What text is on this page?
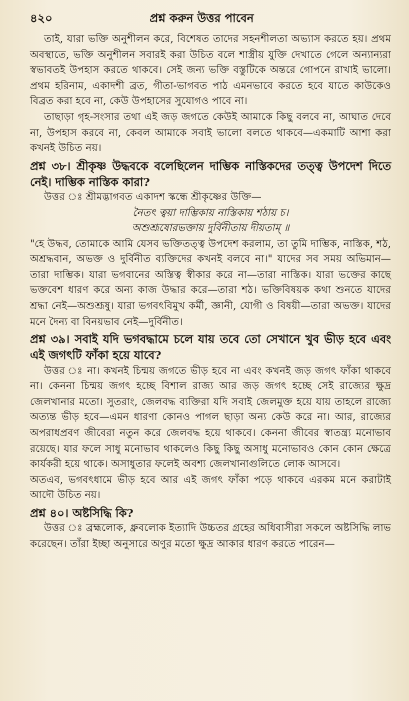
৪২০	প্রশ্ন করুন উত্তর পাবেন

তাই, যারা ভক্তি অনুশীলন করে, বিশেষত তাদের সহনশীলতা অভ্যাস করতে হয়। প্রথম অবস্থাতে, ভক্তি অনুশীলন সবারই করা উচিত বলে শাস্ত্রীয় যুক্তি দেখাতে গেলে অন্যান্যরা স্বভাবতই উপহাস করতে থাকবে। সেই জন্য ভক্তি বস্তুটিকে অন্তরে গোপনে রাখাই ভালো। প্রথম হরিনাম, একাদশী ব্রত, গীতা-ভাগবত পাঠ এমনভাবে করতে হবে যাতে কাউকেও বিব্রত করা হবে না, কেউ উপহাসের সুযোগও পাবে না।

তাছাড়া গৃহ-সংসার তথা এই জড় জগতে কেউই আমাকে কিছু বলবে না, আঘাত দেবে না, উপহাস করবে না, কেবল আমাকে সবাই ভালো বলতে থাকবে—একমাটি আশা করা কখনই উচিত নয়।

প্রশ্ন ৩৮। শ্রীকৃষ্ণ উদ্ধবকে বলেছিলেন দাম্ভিক নাস্তিকদের তত্ত্ব উপদেশ দিতে নেই। দাম্ভিক নাস্তিক কারা?

উত্তর ঃ শ্রীমদ্ভাগবত একাদশ স্কন্ধে শ্রীকৃষ্ণের উক্তি—

নৈতৎ ত্বয়া দাম্ভিকায় নাস্তিকায় শঠায় চ।

অশুশ্রূষোরভক্তায় দুর্বিনীতায় দীয়তাম্ ॥

"হে উদ্ধব, তোমাকে আমি যেসব ভক্তিতত্ত্ব উপদেশ করলাম, তা তুমি দাম্ভিক, নাস্তিক, শঠ, অশ্রদ্ধবান, অভক্ত ও দুর্বিনীত ব্যক্তিদের কখনই বলবে না।" যাদের সব সময় অভিমান—তারা দাম্ভিক। যারা ভগবানের অস্তিত্ব স্বীকার করে না—তারা নাস্তিক। যারা ভক্তের কাছে ভক্তবেশ ধারণ করে অন্য কাজ উদ্ধার করে—তারা শঠ। ভক্তিবিষয়ক কথা শুনতে যাদের শ্রদ্ধা নেই—অশুশ্রূষু। যারা ভগবৎবিমুখ কর্মী, জ্ঞানী, যোগী ও বিষয়ী—তারা অভক্ত। যাদের মনে দৈন্য বা বিনয়ভাব নেই—দুর্বিনীত।

প্রশ্ন ৩৯। সবাই যদি ভগবদ্ধামে চলে যায় তবে তো সেখানে খুব ভীড় হবে এবং এই জগৎটি ফাঁকা হয়ে যাবে?

উত্তর ঃ না। কখনই চিন্ময় জগতে ভীড় হবে না এবং কখনই জড় জগৎ ফাঁকা থাকবে না। কেননা চিন্ময় জগৎ হচ্ছে বিশাল রাজ্য আর জড় জগৎ হচ্ছে সেই রাজ্যের ক্ষুদ্র জেলখানার মতো। সুতরাং, জেলবদ্ধ ব্যক্তিরা যদি সবাই জেলমুক্ত হয়ে যায় তাহলে রাজ্যে অত্যন্ত ভীড় হবে—এমন ধারণা কোনও পাগল ছাড়া অন্য কেউ করে না। আর, রাজ্যের অপরাধপ্রবণ জীবেরা নতুন করে জেলবদ্ধ হয়ে থাকবে। কেননা জীবের স্বাতন্ত্র্য মনোভাব রয়েছে। যার ফলে সাধু মনোভাব থাকলেও কিছু কিছু অসাধু মনোভাবও কোন কোন ক্ষেত্রে কার্যকরী হয়ে থাকে। অসাধুতার ফলেই অবশ্য জেলখানাগুলিতে লোক আসবে।

অতএব, ভগবৎধামে ভীড় হবে আর এই জগৎ ফাঁকা পড়ে থাকবে এরকম মনে করাটাই আদৌ উচিত নয়।

প্রশ্ন ৪০। অষ্টসিদ্ধি কি?

উত্তর ঃ ব্রহ্মলোক, ধ্রুবলোক ইত্যাদি উচ্চতর গ্রহের অধিবাসীরা সকলে অষ্টসিদ্ধি লাভ করেছেন। তাঁরা ইচ্ছা অনুসারে অণুর মতো ক্ষুদ্র আকার ধারণ করতে পারেন—
